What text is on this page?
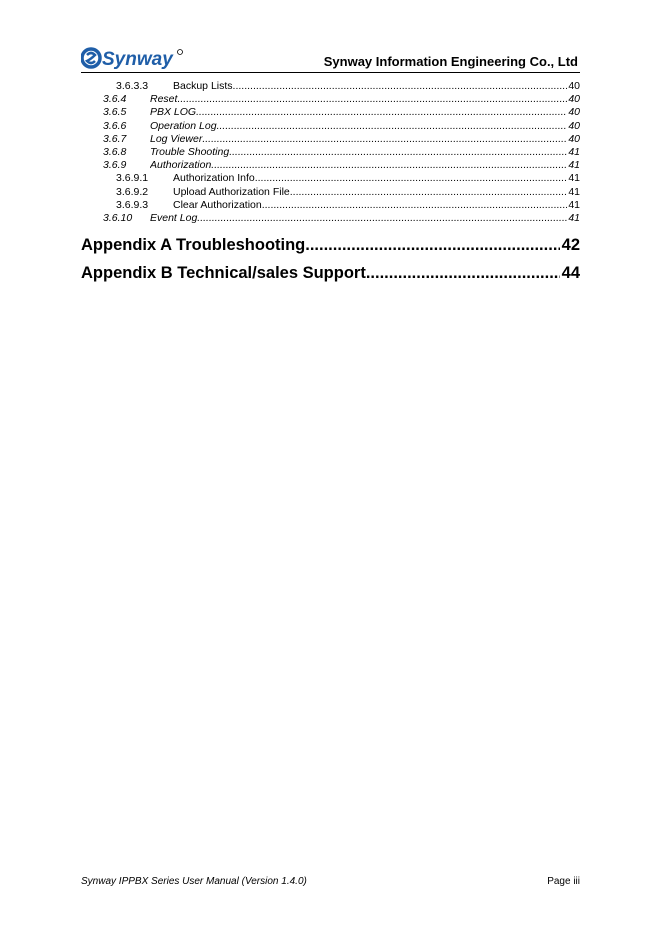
Synway	Synway Information Engineering Co., Ltd
3.6.3.3 Backup Lists .....	40
3.6.4 Reset .....	40
3.6.5 PBX LOG .....	40
3.6.6 Operation Log .....	40
3.6.7 Log Viewer .....	40
3.6.8 Trouble Shooting .....	41
3.6.9 Authorization .....	41
3.6.9.1 Authorization Info .....	41
3.6.9.2 Upload Authorization File .....	41
3.6.9.3 Clear Authorization .....	41
3.6.10 Event Log .....	41
Appendix A Troubleshooting .....	42
Appendix B Technical/sales Support .....	44
Synway IPPBX Series User Manual (Version 1.4.0)	Page iii
